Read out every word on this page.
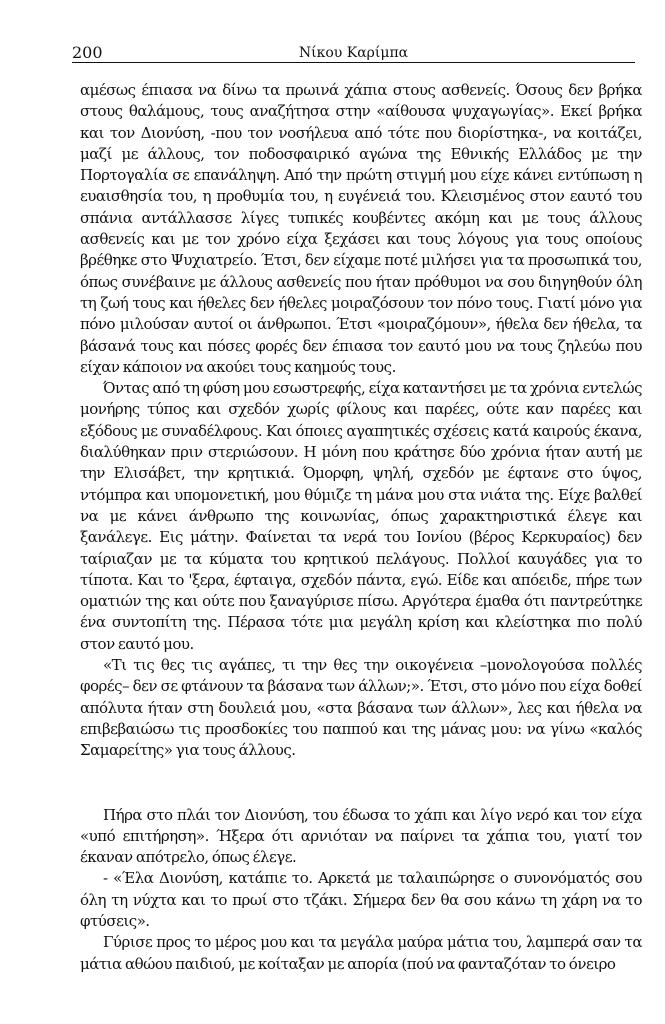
200	Νίκου Καρίμπα

αμέσως έπιασα να δίνω τα πρωινά χάπια στους ασθενείς. Όσους δεν βρήκα στους θαλάμους, τους αναζήτησα στην «αίθουσα ψυχαγωγίας». Εκεί βρήκα και τον Διονύση, -που τον νοσήλευα από τότε που διορίστηκα-, να κοιτάζει, μαζί με άλλους, τον ποδοσφαιρικό αγώνα της Εθνικής Ελλάδος με την Πορτογαλία σε επανάληψη. Από την πρώτη στιγμή μου είχε κάνει εντύπωση η ευαισθησία του, η προθυμία του, η ευγένειά του. Κλεισμένος στον εαυτό του σπάνια αντάλλασσε λίγες τυπικές κουβέντες ακόμη και με τους άλλους ασθενείς και με τον χρόνο είχα ξεχάσει και τους λόγους για τους οποίους βρέθηκε στο Ψυχιατρείο. Έτσι, δεν είχαμε ποτέ μιλήσει για τα προσωπικά του, όπως συνέβαινε με άλλους ασθενείς που ήταν πρόθυμοι να σου διηγηθούν όλη τη ζωή τους και ήθελες δεν ήθελες μοιραζόσουν τον πόνο τους. Γιατί μόνο για πόνο μιλούσαν αυτοί οι άνθρωποι. Έτσι «μοιραζόμουν», ήθελα δεν ήθελα, τα βάσανά τους και πόσες φορές δεν έπιασα τον εαυτό μου να τους ζηλεύω που είχαν κάποιον να ακούει τους καημούς τους.

Όντας από τη φύση μου εσωστρεφής, είχα καταντήσει με τα χρόνια εντελώς μονήρης τύπος και σχεδόν χωρίς φίλους και παρέες, ούτε καν παρέες και εξόδους με συναδέλφους. Και όποιες αγαπητικές σχέσεις κατά καιρούς έκανα, διαλύθηκαν πριν στεριώσουν. Η μόνη που κράτησε δύο χρόνια ήταν αυτή με την Ελισάβετ, την κρητικιά. Όμορφη, ψηλή, σχεδόν με έφτανε στο ύψος, ντόμπρα και υπομονετική, μου θύμιζε τη μάνα μου στα νιάτα της. Είχε βαλθεί να με κάνει άνθρωπο της κοινωνίας, όπως χαρακτηριστικά έλεγε και ξανάλεγε. Εις μάτην. Φαίνεται τα νερά του Ιονίου (βέρος Κερκυραίος) δεν ταίριαζαν με τα κύματα του κρητικού πελάγους. Πολλοί καυγάδες για το τίποτα. Και το 'ξερα, έφταιγα, σχεδόν πάντα, εγώ. Είδε και απόειδε, πήρε των οματιών της και ούτε που ξαναγύρισε πίσω. Αργότερα έμαθα ότι παντρεύτηκε ένα συντοπίτη της. Πέρασα τότε μια μεγάλη κρίση και κλείστηκα πιο πολύ στον εαυτό μου.

«Τι τις θες τις αγάπες, τι την θες την οικογένεια –μονολογούσα πολλές φορές– δεν σε φτάνουν τα βάσανα των άλλων;». Έτσι, στο μόνο που είχα δοθεί απόλυτα ήταν στη δουλειά μου, «στα βάσανα των άλλων», λες και ήθελα να επιβεβαιώσω τις προσδοκίες του παππού και της μάνας μου: να γίνω «καλός Σαμαρείτης» για τους άλλους.

Πήρα στο πλάι τον Διονύση, του έδωσα το χάπι και λίγο νερό και τον είχα «υπό επιτήρηση». Ήξερα ότι αρνιόταν να παίρνει τα χάπια του, γιατί τον έκαναν απότρελο, όπως έλεγε.

- «Έλα Διονύση, κατάπιε το. Αρκετά με ταλαιπώρησε ο συνονόματός σου όλη τη νύχτα και το πρωί στο τζάκι. Σήμερα δεν θα σου κάνω τη χάρη να το φτύσεις».

Γύρισε προς το μέρος μου και τα μεγάλα μαύρα μάτια του, λαμπερά σαν τα μάτια αθώου παιδιού, με κοίταξαν με απορία (πού να φανταζόταν το όνειρο
